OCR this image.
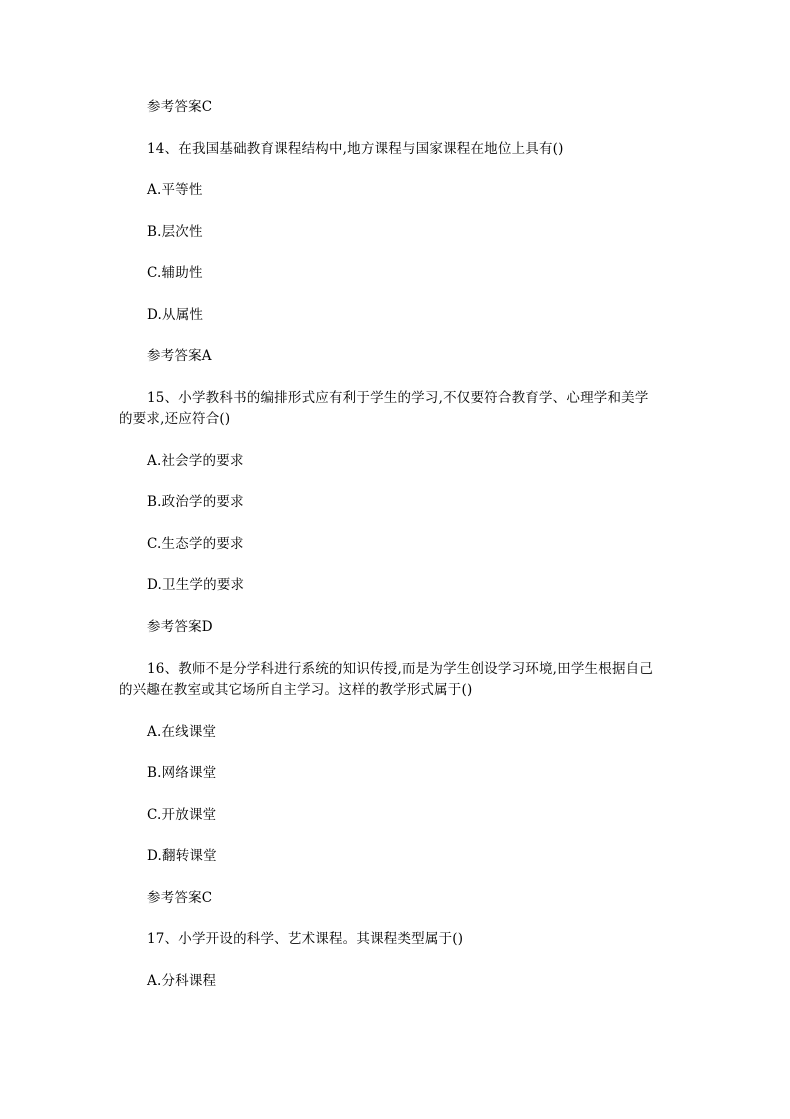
参考答案C
14、在我国基础教育课程结构中,地方课程与国家课程在地位上具有()
A.平等性
B.层次性
C.辅助性
D.从属性
参考答案A
15、小学教科书的编排形式应有利于学生的学习,不仅要符合教育学、心理学和美学
的要求,还应符合()
A.社会学的要求
B.政治学的要求
C.生态学的要求
D.卫生学的要求
参考答案D
16、教师不是分学科进行系统的知识传授,而是为学生创设学习环境,田学生根据自己
的兴趣在教室或其它场所自主学习。这样的教学形式属于()
A.在线课堂
B.网络课堂
C.开放课堂
D.翻转课堂
参考答案C
17、小学开设的科学、艺术课程。其课程类型属于()
A.分科课程
